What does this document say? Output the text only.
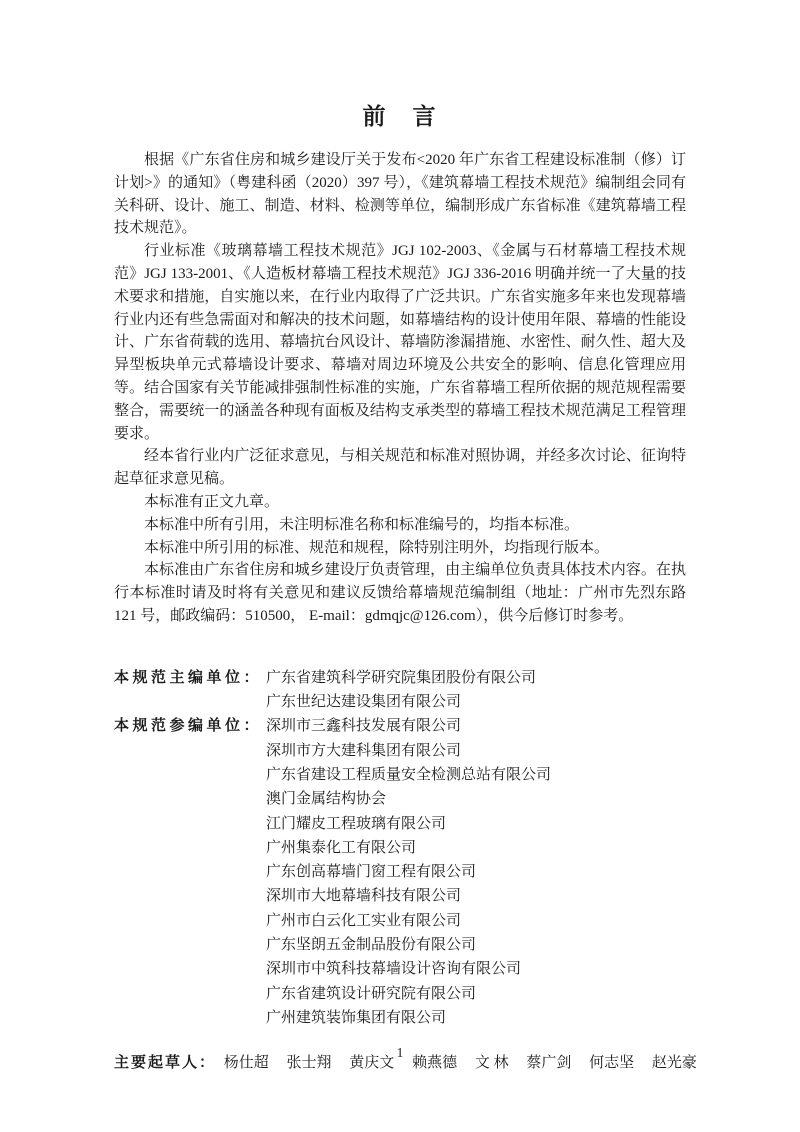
前　言

根据《广东省住房和城乡建设厅关于发布<2020 年广东省工程建设标准制（修）订计划>》的通知》（粤建科函（2020）397 号），《建筑幕墙工程技术规范》编制组会同有关科研、设计、施工、制造、材料、检测等单位，编制形成广东省标准《建筑幕墙工程技术规范》。

行业标准《玻璃幕墙工程技术规范》JGJ 102-2003、《金属与石材幕墙工程技术规范》JGJ 133-2001、《人造板材幕墙工程技术规范》JGJ 336-2016 明确并统一了大量的技术要求和措施，自实施以来，在行业内取得了广泛共识。广东省实施多年来也发现幕墙行业内还有些急需面对和解决的技术问题，如幕墙结构的设计使用年限、幕墙的性能设计、广东省荷载的选用、幕墙抗台风设计、幕墙防渗漏措施、水密性、耐久性、超大及异型板块单元式幕墙设计要求、幕墙对周边环境及公共安全的影响、信息化管理应用等。结合国家有关节能减排强制性标准的实施，广东省幕墙工程所依据的规范规程需要整合，需要统一的涵盖各种现有面板及结构支承类型的幕墙工程技术规范满足工程管理要求。

经本省行业内广泛征求意见，与相关规范和标准对照协调，并经多次讨论、征询特起草征求意见稿。

本标准有正文九章。

本标准中所有引用，未注明标准名称和标准编号的，均指本标准。

本标准中所引用的标准、规范和规程，除特别注明外，均指现行版本。

本标准由广东省住房和城乡建设厅负责管理，由主编单位负责具体技术内容。在执行本标准时请及时将有关意见和建议反馈给幕墙规范编制组（地址：广州市先烈东路 121 号，邮政编码：510500， E-mail：gdmqjc@126.com），供今后修订时参考。

本规范主编单位： 广东省建筑科学研究院集团股份有限公司
广东世纪达建设集团有限公司
本规范参编单位： 深圳市三鑫科技发展有限公司
深圳市方大建科集团有限公司
广东省建设工程质量安全检测总站有限公司
澳门金属结构协会
江门耀皮工程玻璃有限公司
广州集泰化工有限公司
广东创高幕墙门窗工程有限公司
深圳市大地幕墙科技有限公司
广州市白云化工实业有限公司
广东坚朗五金制品股份有限公司
深圳市中筑科技幕墙设计咨询有限公司
广东省建筑设计研究院有限公司
广州建筑装饰集团有限公司
主要起草人： 杨仕超 张士翔 黄庆文 赖燕德 文 林 蔡广剑 何志坚 赵光豪
1
